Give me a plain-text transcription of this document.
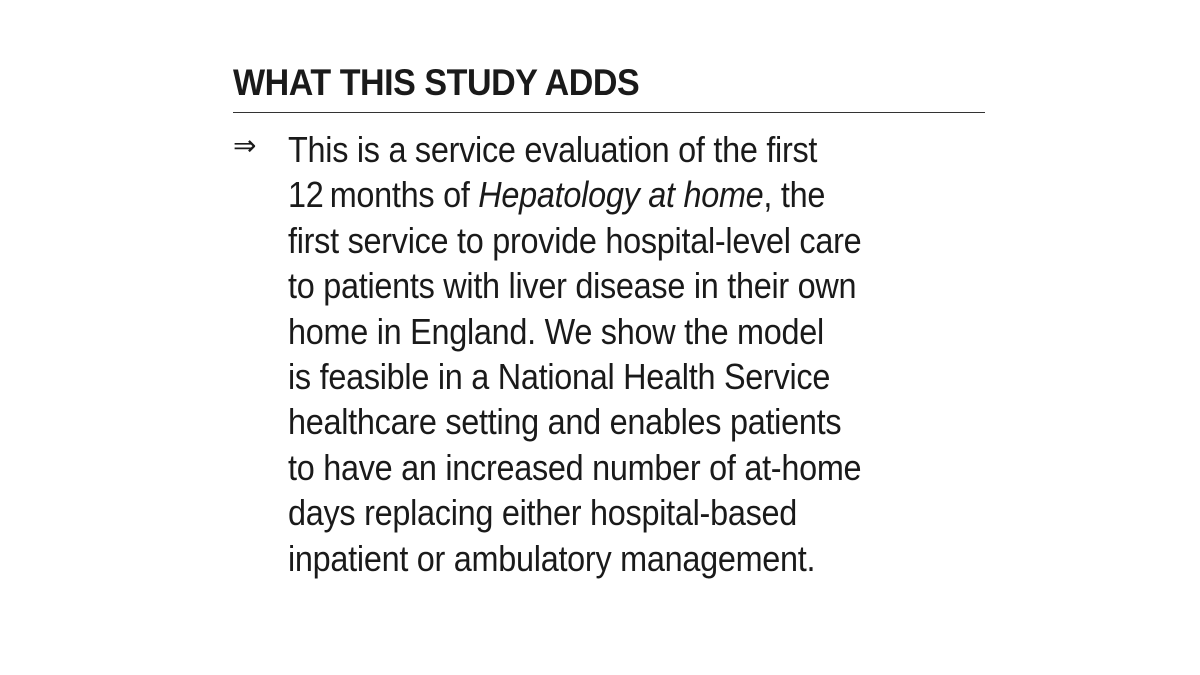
WHAT THIS STUDY ADDS
⇒ This is a service evaluation of the first
12 months of Hepatology at home, the
first service to provide hospital-level care
to patients with liver disease in their own
home in England. We show the model
is feasible in a National Health Service
healthcare setting and enables patients
to have an increased number of at-home
days replacing either hospital-based
inpatient or ambulatory management.
